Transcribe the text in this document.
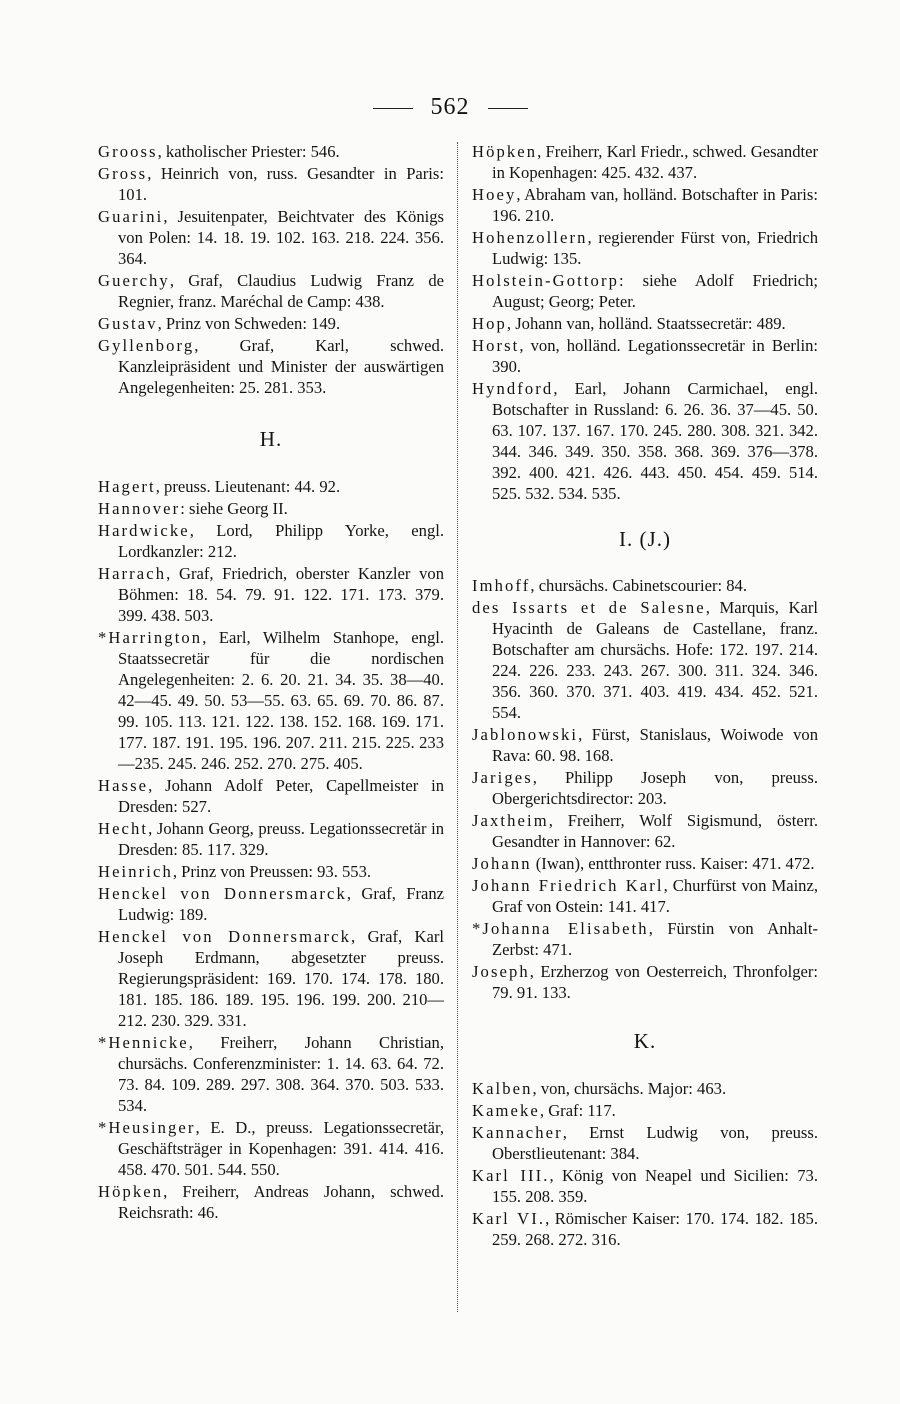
562

Grooss, katholischer Priester: 546.

Gross, Heinrich von, russ. Gesandter in Paris: 101.

Guarini, Jesuitenpater, Beichtvater des Königs von Polen: 14. 18. 19. 102. 163. 218. 224. 356. 364.

Guerchy, Graf, Claudius Ludwig Franz de Regnier, franz. Maréchal de Camp: 438.

Gustav, Prinz von Schweden: 149.

Gyllenborg, Graf, Karl, schwed. Kanzleipräsident und Minister der auswärtigen Angelegenheiten: 25. 281. 353.

H.

Hagert, preuss. Lieutenant: 44. 92.

Hannover: siehe Georg II.

Hardwicke, Lord, Philipp Yorke, engl. Lordkanzler: 212.

Harrach, Graf, Friedrich, oberster Kanzler von Böhmen: 18. 54. 79. 91. 122. 171. 173. 379. 399. 438. 503.

*Harrington, Earl, Wilhelm Stanhope, engl. Staatssecretär für die nordischen Angelegenheiten: 2. 6. 20. 21. 34. 35. 38—40. 42—45. 49. 50. 53—55. 63. 65. 69. 70. 86. 87. 99. 105. 113. 121. 122. 138. 152. 168. 169. 171. 177. 187. 191. 195. 196. 207. 211. 215. 225. 233—235. 245. 246. 252. 270. 275. 405.

Hasse, Johann Adolf Peter, Capellmeister in Dresden: 527.

Hecht, Johann Georg, preuss. Legationssecretär in Dresden: 85. 117. 329.

Heinrich, Prinz von Preussen: 93. 553.

Henckel von Donnersmarck, Graf, Franz Ludwig: 189.

Henckel von Donnersmarck, Graf, Karl Joseph Erdmann, abgesetzter preuss. Regierungspräsident: 169. 170. 174. 178. 180. 181. 185. 186. 189. 195. 196. 199. 200. 210—212. 230. 329. 331.

*Hennicke, Freiherr, Johann Christian, chursächs. Conferenzminister: 1. 14. 63. 64. 72. 73. 84. 109. 289. 297. 308. 364. 370. 503. 533. 534.

*Heusinger, E. D., preuss. Legationssecretär, Geschäftsträger in Kopenhagen: 391. 414. 416. 458. 470. 501. 544. 550.

Höpken, Freiherr, Andreas Johann, schwed. Reichsrath: 46.

Höpken, Freiherr, Karl Friedr., schwed. Gesandter in Kopenhagen: 425. 432. 437.

Hoey, Abraham van, holländ. Botschafter in Paris: 196. 210.

Hohenzollern, regierender Fürst von, Friedrich Ludwig: 135.

Holstein-Gottorp: siehe Adolf Friedrich; August; Georg; Peter.

Hop, Johann van, holländ. Staatssecretär: 489.

Horst, von, holländ. Legationssecretär in Berlin: 390.

Hyndford, Earl, Johann Carmichael, engl. Botschafter in Russland: 6. 26. 36. 37—45. 50. 63. 107. 137. 167. 170. 245. 280. 308. 321. 342. 344. 346. 349. 350. 358. 368. 369. 376—378. 392. 400. 421. 426. 443. 450. 454. 459. 514. 525. 532. 534. 535.

I. (J.)

Imhoff, chursächs. Cabinetscourier: 84.

des Issarts et de Salesne, Marquis, Karl Hyacinth de Galeans de Castellane, franz. Botschafter am chursächs. Hofe: 172. 197. 214. 224. 226. 233. 243. 267. 300. 311. 324. 346. 356. 360. 370. 371. 403. 419. 434. 452. 521. 554.

Jablonowski, Fürst, Stanislaus, Woiwode von Rava: 60. 98. 168.

Jariges, Philipp Joseph von, preuss. Obergerichtsdirector: 203.

Jaxtheim, Freiherr, Wolf Sigismund, österr. Gesandter in Hannover: 62.

Johann (Iwan), entthronter russ. Kaiser: 471. 472.

Johann Friedrich Karl, Churfürst von Mainz, Graf von Ostein: 141. 417.

*Johanna Elisabeth, Fürstin von Anhalt-Zerbst: 471.

Joseph, Erzherzog von Oesterreich, Thronfolger: 79. 91. 133.

K.

Kalben, von, chursächs. Major: 463.

Kameke, Graf: 117.

Kannacher, Ernst Ludwig von, preuss. Oberstlieutenant: 384.

Karl III., König von Neapel und Sicilien: 73. 155. 208. 359.

Karl VI., Römischer Kaiser: 170. 174. 182. 185. 259. 268. 272. 316.
